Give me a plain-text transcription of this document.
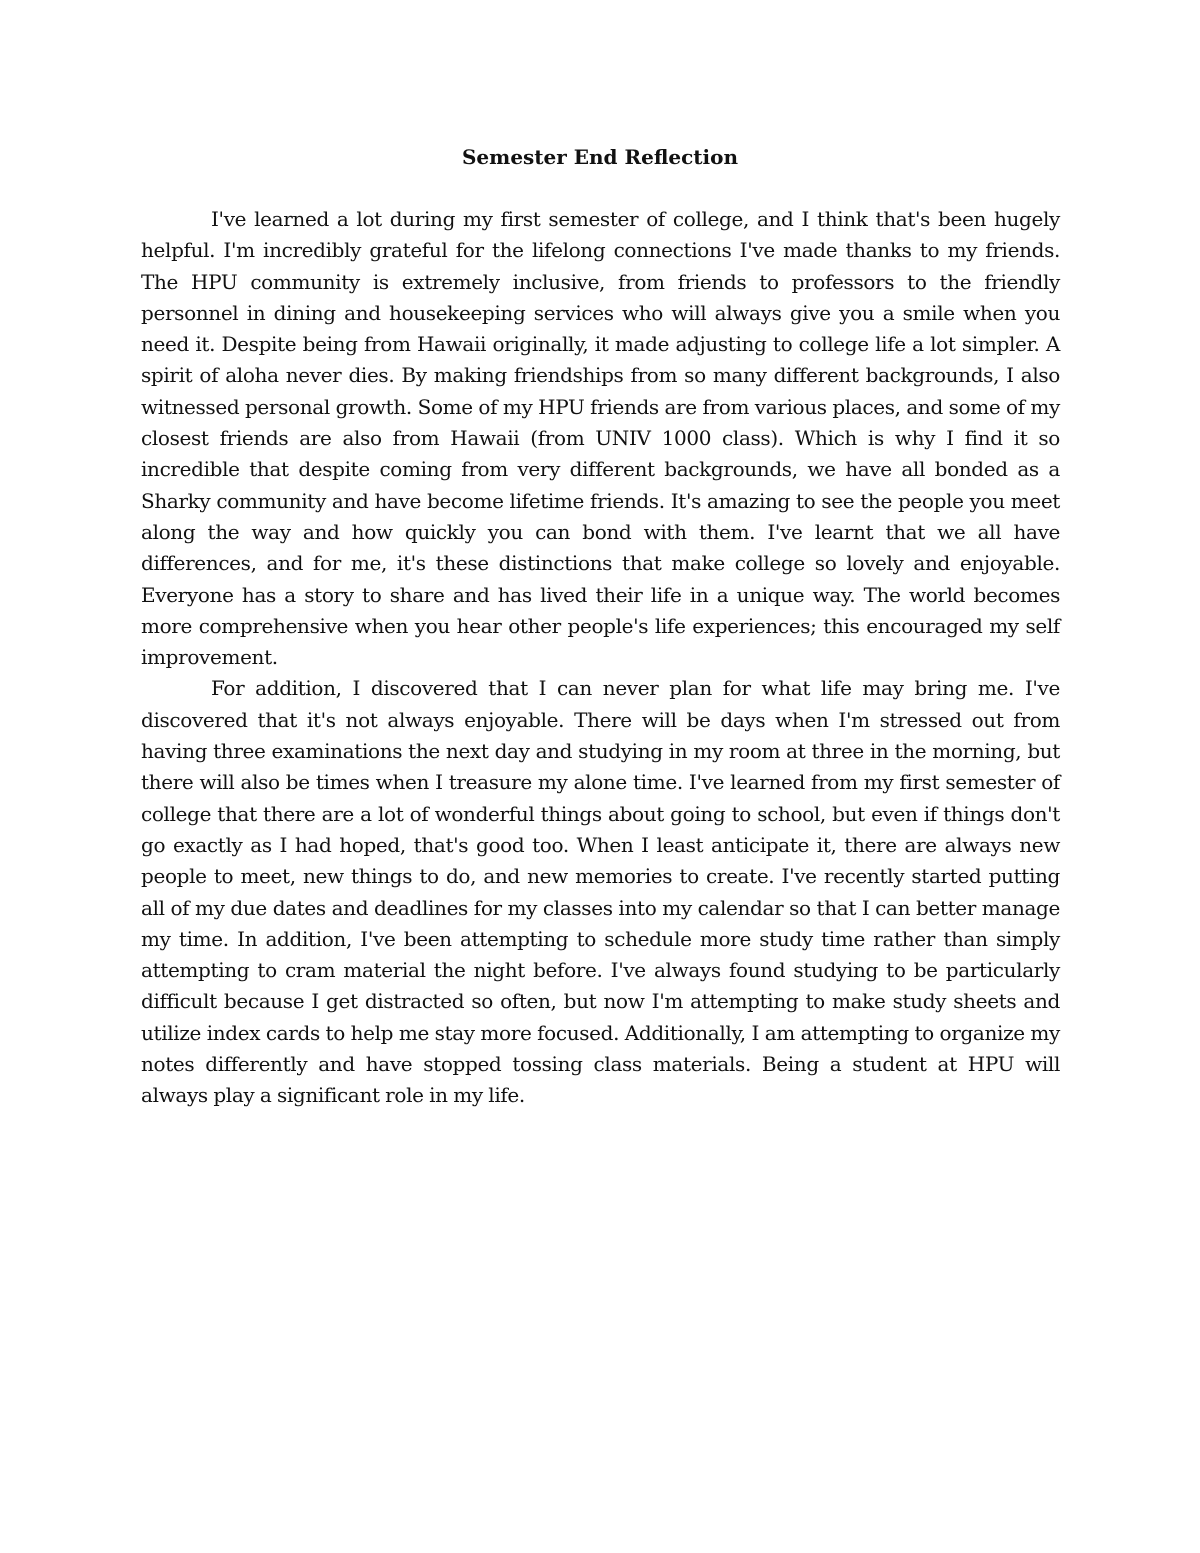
Semester End Reflection

I've learned a lot during my first semester of college, and I think that's been hugely helpful. I'm incredibly grateful for the lifelong connections I've made thanks to my friends. The HPU community is extremely inclusive, from friends to professors to the friendly personnel in dining and housekeeping services who will always give you a smile when you need it. Despite being from Hawaii originally, it made adjusting to college life a lot simpler. A spirit of aloha never dies. By making friendships from so many different backgrounds, I also witnessed personal growth. Some of my HPU friends are from various places, and some of my closest friends are also from Hawaii (from UNIV 1000 class). Which is why I find it so incredible that despite coming from very different backgrounds, we have all bonded as a Sharky community and have become lifetime friends. It's amazing to see the people you meet along the way and how quickly you can bond with them. I've learnt that we all have differences, and for me, it's these distinctions that make college so lovely and enjoyable. Everyone has a story to share and has lived their life in a unique way. The world becomes more comprehensive when you hear other people's life experiences; this encouraged my self improvement.

For addition, I discovered that I can never plan for what life may bring me. I've discovered that it's not always enjoyable. There will be days when I'm stressed out from having three examinations the next day and studying in my room at three in the morning, but there will also be times when I treasure my alone time. I've learned from my first semester of college that there are a lot of wonderful things about going to school, but even if things don't go exactly as I had hoped, that's good too. When I least anticipate it, there are always new people to meet, new things to do, and new memories to create. I've recently started putting all of my due dates and deadlines for my classes into my calendar so that I can better manage my time. In addition, I've been attempting to schedule more study time rather than simply attempting to cram material the night before. I've always found studying to be particularly difficult because I get distracted so often, but now I'm attempting to make study sheets and utilize index cards to help me stay more focused. Additionally, I am attempting to organize my notes differently and have stopped tossing class materials. Being a student at HPU will always play a significant role in my life.
